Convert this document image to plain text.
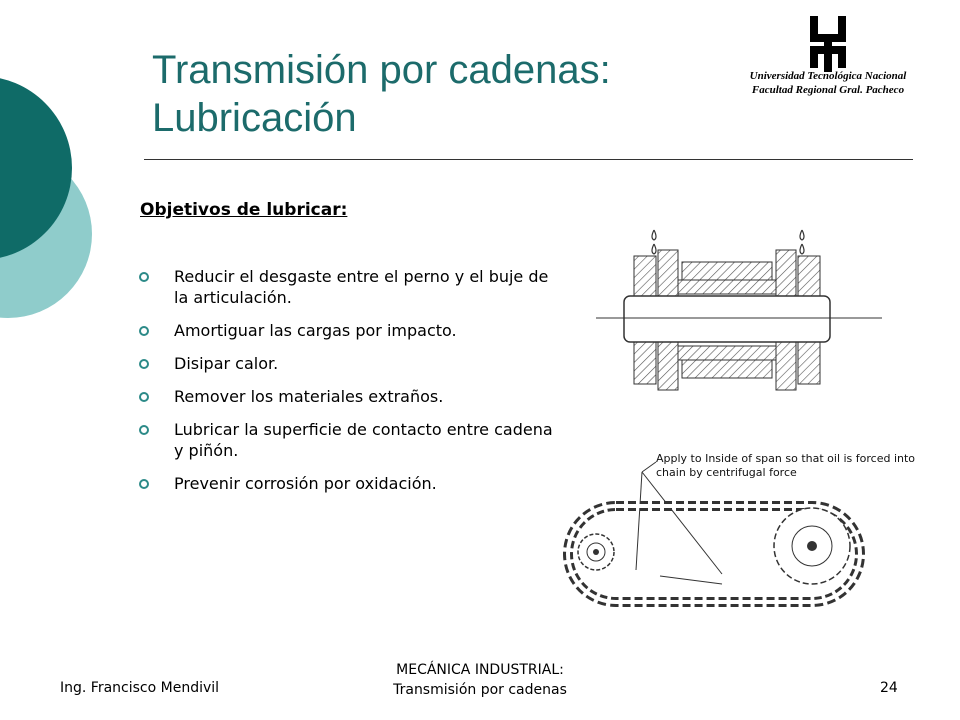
Transmisión por cadenas:
Lubricación
Universidad Tecnológica Nacional
Facultad Regional Gral. Pacheco
Objetivos de lubricar:
Reducir el desgaste entre el perno y el buje de la articulación.
Amortiguar las cargas por impacto.
Disipar calor.
Remover los materiales extraños.
Lubricar la superficie de contacto entre cadena y piñón.
Prevenir corrosión por oxidación.
Apply to Inside of span so that oil is forced into chain by centrifugal force
Ing. Francisco Mendivil
MECÁNICA INDUSTRIAL:
Transmisión por cadenas	24
